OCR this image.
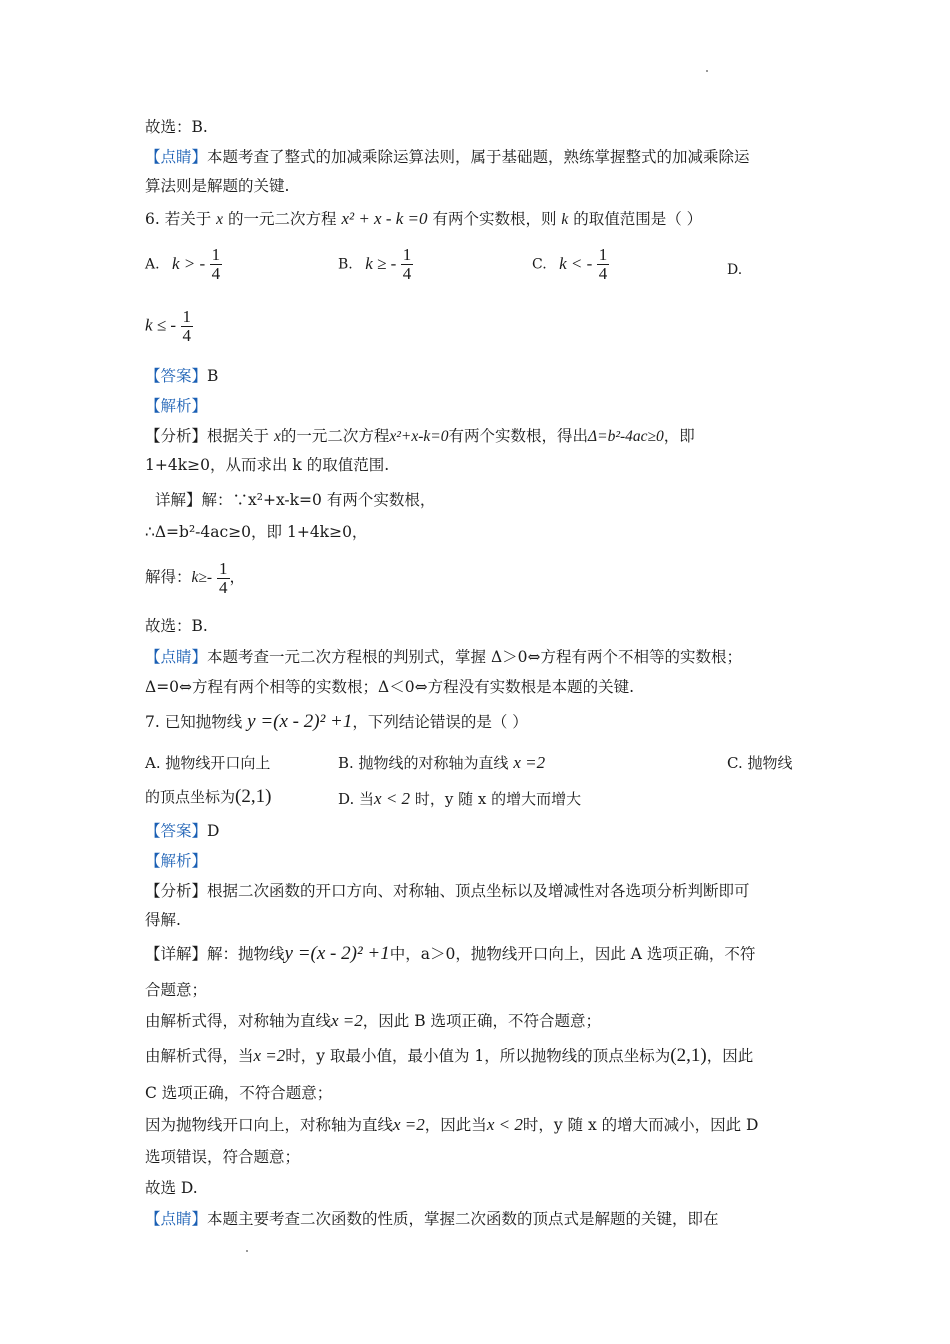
故选：B.
【点睛】本题考查了整式的加减乘除运算法则，属于基础题，熟练掌握整式的加减乘除运
算法则是解题的关键.
6. 若关于 x 的一元二次方程 x² + x - k =0 有两个实数根，则 k 的取值范围是（ ）
A. k > - $\frac{1}{4}$	B. k ≥ - $\frac{1}{4}$	C. k < - $\frac{1}{4}$	D.
k ≤ - $\frac{1}{4}$
【答案】B
【解析】
【分析】根据关于 x的一元二次方程x²+x-k=0有两个实数根，得出Δ=b²-4ac≥0，即
1+4k≥0，从而求出 k 的取值范围.
详解】解：∵x²+x-k=0 有两个实数根，
∴Δ=b²-4ac≥0，即 1+4k≥0，
解得：$k\ge- \frac{1}{4}$ ，
故选：B.
【点睛】本题考查一元二次方程根的判别式，掌握 Δ＞0⇔方程有两个不相等的实数根；
Δ=0⇔方程有两个相等的实数根；Δ＜0⇔方程没有实数根是本题的关键.
7. 已知抛物线 y =(x - 2)² +1，下列结论错误的是（ ）
A. 抛物线开口向上	B. 抛物线的对称轴为直线 x =2	C. 抛物线
的顶点坐标为(2,1)	D. 当x < 2 时，y 随 x 的增大而增大
【答案】D
【解析】
【分析】根据二次函数的开口方向、对称轴、顶点坐标以及增减性对各选项分析判断即可
得解.
【详解】解：抛物线y =(x - 2)² +1中，a＞0，抛物线开口向上，因此 A 选项正确，不符
合题意；
由解析式得，对称轴为直线x =2，因此 B 选项正确，不符合题意；
由解析式得，当x =2时，y 取最小值，最小值为 1，所以抛物线的顶点坐标为(2,1)，因此
C 选项正确，不符合题意；
因为抛物线开口向上，对称轴为直线x =2，因此当x < 2时，y 随 x 的增大而减小，因此 D
选项错误，符合题意；
故选 D.
【点睛】本题主要考查二次函数的性质，掌握二次函数的顶点式是解题的关键，即在
